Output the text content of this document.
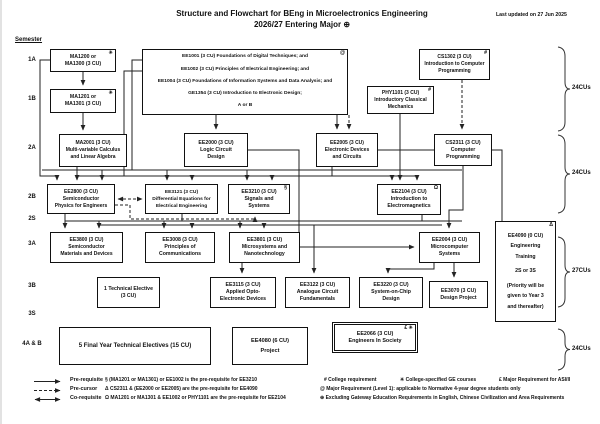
Structure and Flowchart for BEng in Microelectronics Engineering
2026/27 Entering Major ⊕
Last updated on 27 Jun 2025
Semester
1A
1B
2A
2B
2S
3A
3B
3S
4A & B
MA1200 or
MA1300 (3 CU)
✳
EE1001 (3 CU) Foundations of Digital Techniques; and
EE1002 (3 CU) Principles of Electrical Engineering; and
EE1004 (3 CU) Foundations of Information Systems and Data Analysis; and
GE1354 (3 CU) Introduction to Electronic Design;
A or B
@
CS1302 (3 CU)
Introduction to Computer
Programming
#
MA1201 or
MA1301 (3 CU)
✳	PHY1101 (3 CU)
Introductory Classical
Mechanics
#
MA2001 (3 CU)
Multi-variable Calculus
and Linear Algebra
EE2000 (3 CU)
Logic Circuit
Design
EE2005 (3 CU)
Electronic Devices
and Circuits
CS2311 (3 CU)
Computer
Programming
EE2800 (3 CU)
Semiconductor
Physics for Engineers
EE3121 (3 CU)
Differential Equations for
Electrical Engineering
EE3210 (3 CU)
Signals and
Systems
§
EE2104 (3 CU)
Introduction to
Electromagnetics
Ω
EE3800 (3 CU)
Semiconductor
Materials and Devices
EE3008 (3 CU)
Principles of
Communications
EE3801 (3 CU)
Microsystems and
Nanotechnology
EE2004 (3 CU)
Microcomputer
Systems
EE4090 (0 CU)
Engineering
Training
2S or 3S
(Priority will be
given to Year 3
and thereafter)
Δ
1 Technical Elective
(3 CU)
EE3115 (3 CU)
Applied Opto-
Electronic Devices
EE3122 (3 CU)
Analogue Circuit
Fundamentals
EE3220 (3 CU)
System-on-Chip
Design
EE3070 (3 CU)
Design Project
5 Final Year Technical Electives (15 CU)
EE4080 (6 CU)
Project
EE2066 (3 CU)
Engineers In Society
£ ✳
24CUs
24CUs
27CUs
24CUs
Pre-requisite
Pre-cursor
Co-requisite
§ (MA1201 or MA1301) or EE1002 is the pre-requisite for EE3210
Δ CS2311 & (EE2000 or EE2005) are the pre-requisite for EE4090
Ω MA1201 or MA1301 & EE1002 or PHY1101 are the pre-requisite for EE2104
# College requirement	✳ College-specified GE courses	£ Major Requirement for ASI/II
@ Major Requirement (Level 1): applicable to Normative 4-year degree students only
⊕ Excluding Gateway Education Requirements in English, Chinese Civilization and Area Requirements
